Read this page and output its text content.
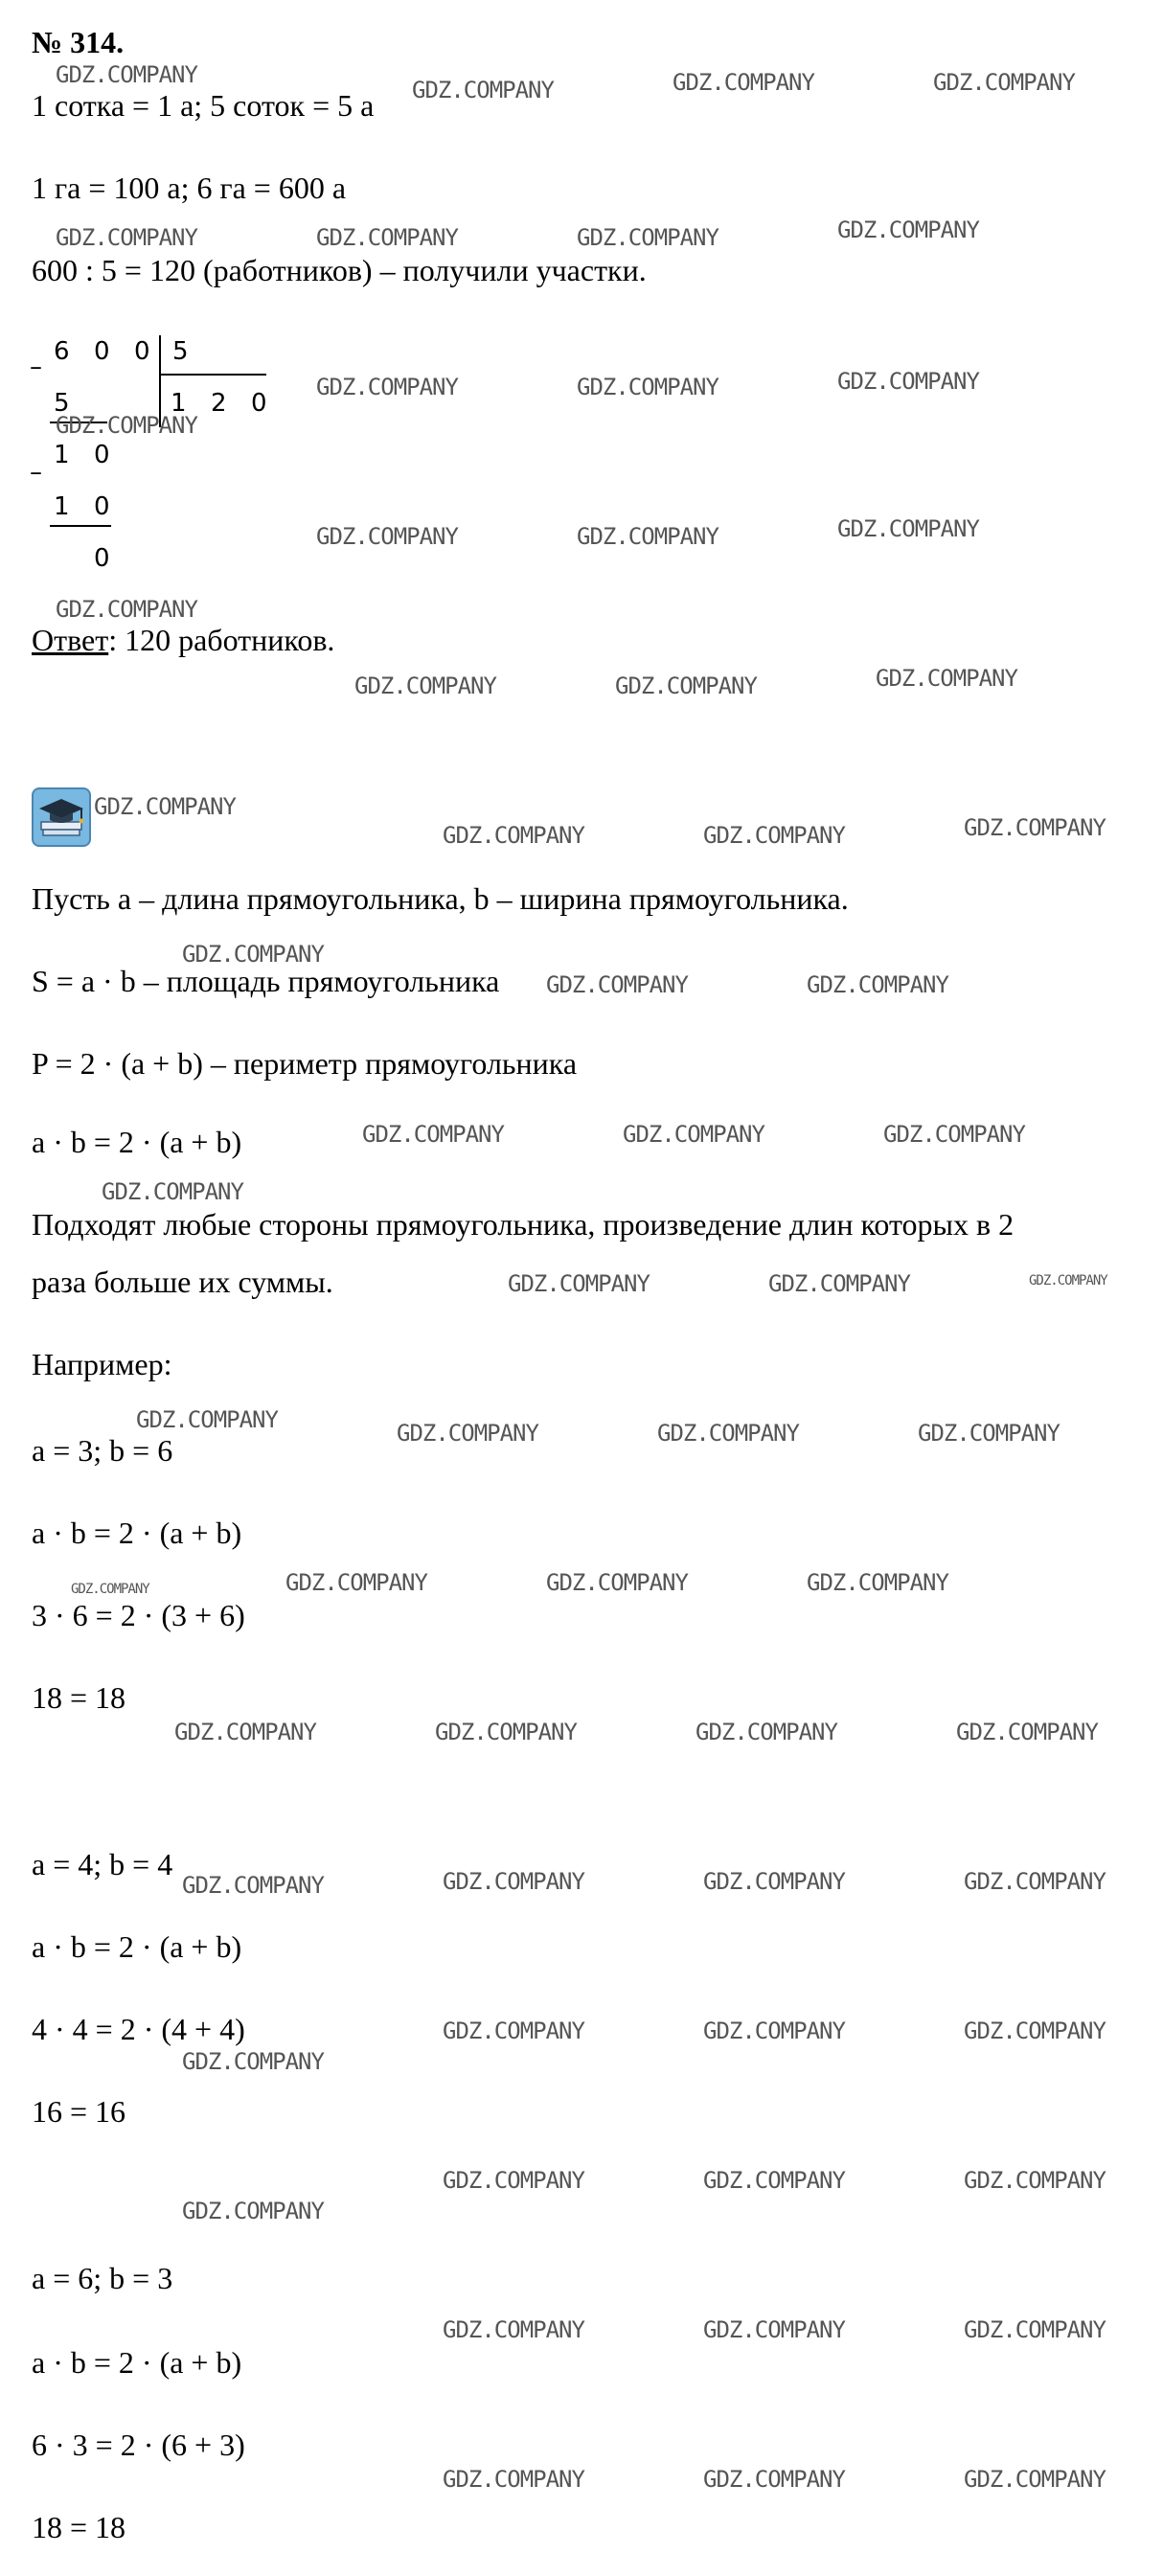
№ 314.
1 сотка = 1 а; 5 соток = 5 а
1 га = 100 а; 6 га = 600 а
600 : 5 = 120 (работников) – получили участки.
–
6 0 0 5
1 2 0
5
–
1 0
1 0
0
Ответ: 120 работников.
Пусть a – длина прямоугольника, b – ширина прямоугольника.
S = a · b – площадь прямоугольника
P = 2 · (a + b) – периметр прямоугольника
a · b = 2 · (a + b)
Подходят любые стороны прямоугольника, произведение длин которых в 2
раза больше их суммы.
Например:
a = 3; b = 6
a · b = 2 · (a + b)
3 · 6 = 2 · (3 + 6)
18 = 18
a = 4; b = 4
a · b = 2 · (a + b)
4 · 4 = 2 · (4 + 4)
16 = 16
a = 6; b = 3
a · b = 2 · (a + b)
6 · 3 = 2 · (6 + 3)
18 = 18
GDZ.COMPANY
GDZ.COMPANY	GDZ.COMPANY	GDZ.COMPANY
GDZ.COMPANY	GDZ.COMPANY	GDZ.COMPANY	GDZ.COMPANY
GDZ.COMPANY	GDZ.COMPANY	GDZ.COMPANY
GDZ.COMPANY
GDZ.COMPANY	GDZ.COMPANY	GDZ.COMPANY
GDZ.COMPANY
GDZ.COMPANY	GDZ.COMPANY	GDZ.COMPANY
GDZ.COMPANY
GDZ.COMPANY	GDZ.COMPANY	GDZ.COMPANY
GDZ.COMPANY
GDZ.COMPANY	GDZ.COMPANY
GDZ.COMPANY	GDZ.COMPANY	GDZ.COMPANY
GDZ.COMPANY
GDZ.COMPANY	GDZ.COMPANY	GDZ.COMPANY
GDZ.COMPANY	GDZ.COMPANY	GDZ.COMPANY	GDZ.COMPANY
GDZ.COMPANY	GDZ.COMPANY	GDZ.COMPANY	GDZ.COMPANY
GDZ.COMPANY	GDZ.COMPANY	GDZ.COMPANY	GDZ.COMPANY
GDZ.COMPANY	GDZ.COMPANY	GDZ.COMPANY	GDZ.COMPANY
GDZ.COMPANY	GDZ.COMPANY	GDZ.COMPANY
GDZ.COMPANY
GDZ.COMPANY	GDZ.COMPANY	GDZ.COMPANY
GDZ.COMPANY
GDZ.COMPANY	GDZ.COMPANY	GDZ.COMPANY
GDZ.COMPANY	GDZ.COMPANY	GDZ.COMPANY
